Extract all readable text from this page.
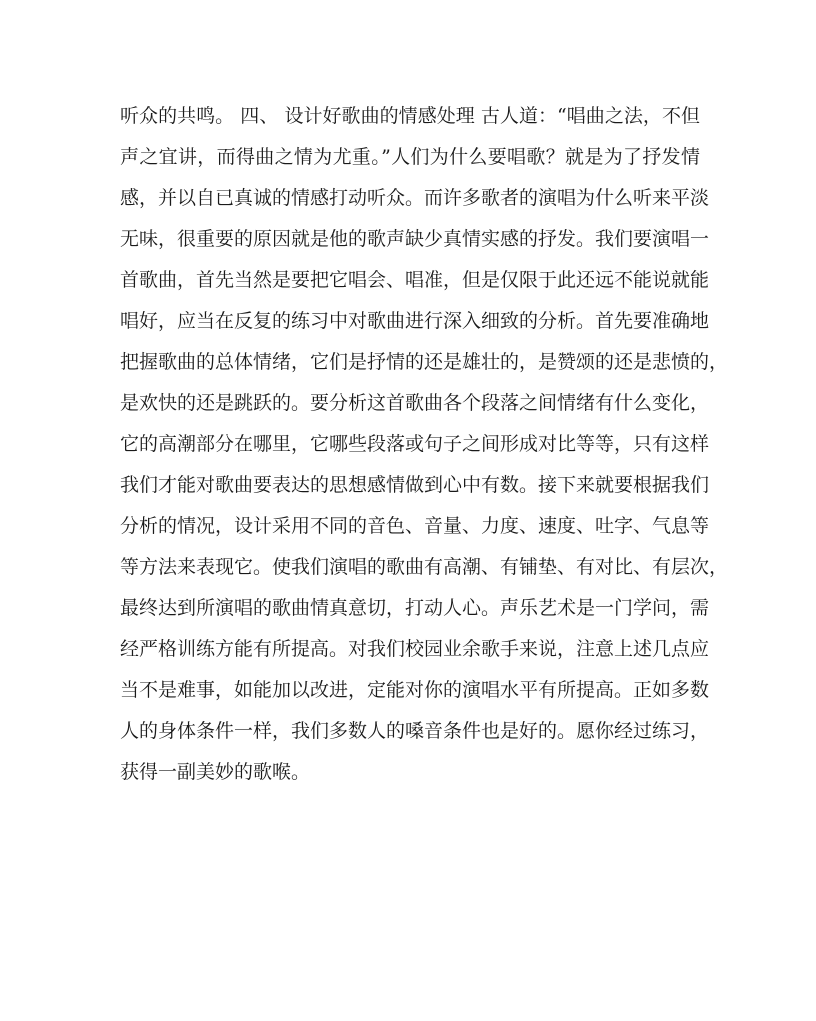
听众的共鸣。 四、 设计好歌曲的情感处理 古人道：“唱曲之法，不但
声之宜讲，而得曲之情为尤重。”人们为什么要唱歌？就是为了抒发情
感，并以自已真诚的情感打动听众。而许多歌者的演唱为什么听来平淡
无味，很重要的原因就是他的歌声缺少真情实感的抒发。我们要演唱一
首歌曲，首先当然是要把它唱会、唱准，但是仅限于此还远不能说就能
唱好，应当在反复的练习中对歌曲进行深入细致的分析。首先要准确地
把握歌曲的总体情绪，它们是抒情的还是雄壮的，是赞颂的还是悲愤的，
是欢快的还是跳跃的。要分析这首歌曲各个段落之间情绪有什么变化，
它的高潮部分在哪里，它哪些段落或句子之间形成对比等等，只有这样
我们才能对歌曲要表达的思想感情做到心中有数。接下来就要根据我们
分析的情况，设计采用不同的音色、音量、力度、速度、吐字、气息等
等方法来表现它。使我们演唱的歌曲有高潮、有铺垫、有对比、有层次，
最终达到所演唱的歌曲情真意切，打动人心。声乐艺术是一门学问，需
经严格训练方能有所提高。对我们校园业余歌手来说，注意上述几点应
当不是难事，如能加以改进，定能对你的演唱水平有所提高。正如多数
人的身体条件一样，我们多数人的嗓音条件也是好的。愿你经过练习，
获得一副美妙的歌喉。
